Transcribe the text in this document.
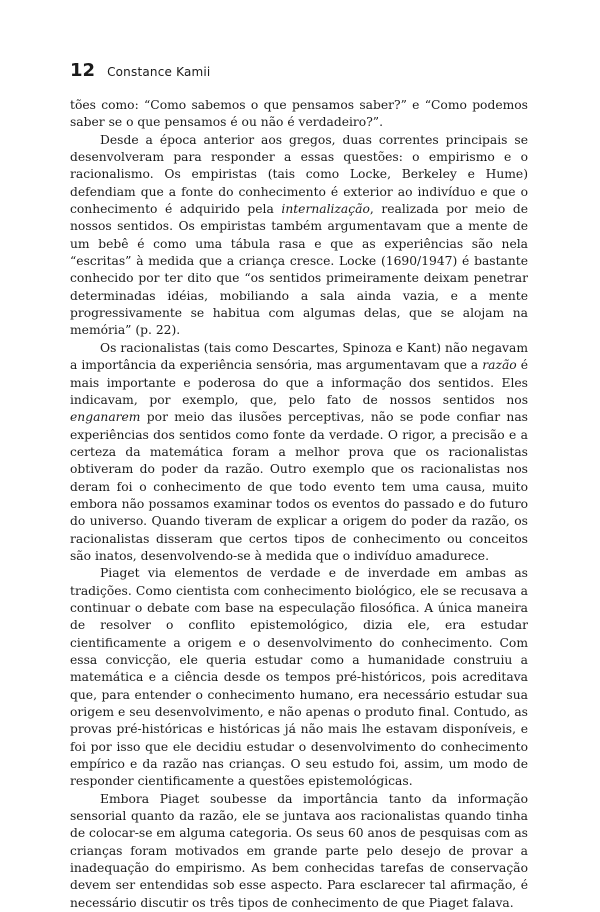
12 Constance Kamii

tões como: “Como sabemos o que pensamos saber?” e “Como podemos saber se o que pensamos é ou não é verdadeiro?”.

Desde a época anterior aos gregos, duas correntes principais se desenvolveram para responder a essas questões: o empirismo e o racionalismo. Os empiristas (tais como Locke, Berkeley e Hume) defendiam que a fonte do conhecimento é exterior ao indivíduo e que o conhecimento é adquirido pela internalização, realizada por meio de nossos sentidos. Os empiristas também argumentavam que a mente de um bebê é como uma tábula rasa e que as experiências são nela “escritas” à medida que a criança cresce. Locke (1690/1947) é bastante conhecido por ter dito que “os sentidos primeiramente deixam penetrar determinadas idéias, mobiliando a sala ainda vazia, e a mente progressivamente se habitua com algumas delas, que se alojam na memória” (p. 22).

Os racionalistas (tais como Descartes, Spinoza e Kant) não negavam a importância da experiência sensória, mas argumentavam que a razão é mais importante e poderosa do que a informação dos sentidos. Eles indicavam, por exemplo, que, pelo fato de nossos sentidos nos enganarem por meio das ilusões perceptivas, não se pode confiar nas experiências dos sentidos como fonte da verdade. O rigor, a precisão e a certeza da matemática foram a melhor prova que os racionalistas obtiveram do poder da razão. Outro exemplo que os racionalistas nos deram foi o conhecimento de que todo evento tem uma causa, muito embora não possamos examinar todos os eventos do passado e do futuro do universo. Quando tiveram de explicar a origem do poder da razão, os racionalistas disseram que certos tipos de conhecimento ou conceitos são inatos, desenvolvendo-se à medida que o indivíduo amadurece.

Piaget via elementos de verdade e de inverdade em ambas as tradições. Como cientista com conhecimento biológico, ele se recusava a continuar o debate com base na especulação filosófica. A única maneira de resolver o conflito epistemológico, dizia ele, era estudar cientificamente a origem e o desenvolvimento do conhecimento. Com essa convicção, ele queria estudar como a humanidade construiu a matemática e a ciência desde os tempos pré-históricos, pois acreditava que, para entender o conhecimento humano, era necessário estudar sua origem e seu desenvolvimento, e não apenas o produto final. Contudo, as provas pré-históricas e históricas já não mais lhe estavam disponíveis, e foi por isso que ele decidiu estudar o desenvolvimento do conhecimento empírico e da razão nas crianças. O seu estudo foi, assim, um modo de responder cientificamente a questões epistemológicas.

Embora Piaget soubesse da importância tanto da informação sensorial quanto da razão, ele se juntava aos racionalistas quando tinha de colocar-se em alguma categoria. Os seus 60 anos de pesquisas com as crianças foram motivados em grande parte pelo desejo de provar a inadequação do empirismo. As bem conhecidas tarefas de conservação devem ser entendidas sob esse aspecto. Para esclarecer tal afirmação, é necessário discutir os três tipos de conhecimento de que Piaget falava.
